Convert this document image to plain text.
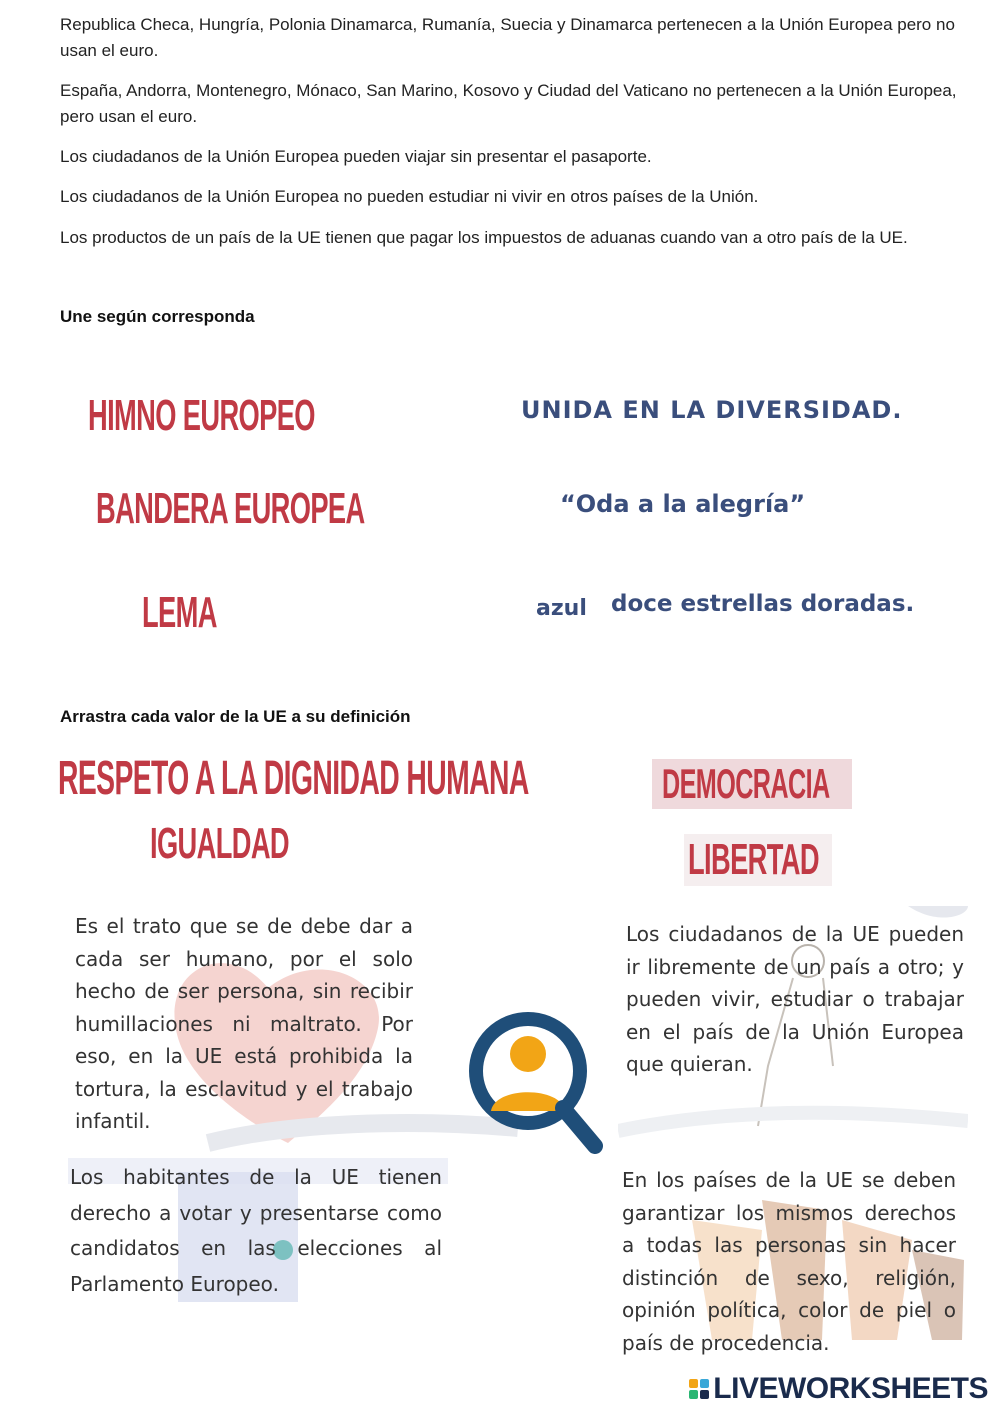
Republica Checa, Hungría, Polonia Dinamarca, Rumanía, Suecia y Dinamarca pertenecen a la Unión Europea pero no usan el euro.

España, Andorra, Montenegro, Mónaco, San Marino, Kosovo y Ciudad del Vaticano no pertenecen a la Unión Europea, pero usan el euro.

Los ciudadanos de la Unión Europea pueden viajar sin presentar el pasaporte.

Los ciudadanos de la Unión Europea no pueden estudiar ni vivir en otros países de la Unión.

Los productos de un país de la UE tienen que pagar los impuestos de aduanas cuando van a otro país de la UE.

Une según corresponda
HIMNO EUROPEO
BANDERA EUROPEA
LEMA
UNIDA EN LA DIVERSIDAD.
“Oda a la alegría”
azul doce estrellas doradas.
Arrastra cada valor de la UE a su definición
RESPETO A LA DIGNIDAD HUMANA
IGUALDAD
DEMOCRACIA
LIBERTAD

Es el trato que se de debe dar a cada ser humano, por el solo hecho de ser persona, sin recibir humillaciones ni maltrato. Por eso, en la UE está prohibida la tortura, la esclavitud y el trabajo infantil.

Los ciudadanos de la UE pueden ir libremente de un país a otro; y pueden vivir, estudiar o trabajar en el país de la Unión Europea que quieran.

Los habitantes de la UE tienen derecho a votar y presentarse como candidatos en las elecciones al Parlamento Europeo.

En los países de la UE se deben garantizar los mismos derechos a todas las personas sin hacer distinción de sexo, religión, opinión política, color de piel o país de procedencia.

LIVEWORKSHEETS
